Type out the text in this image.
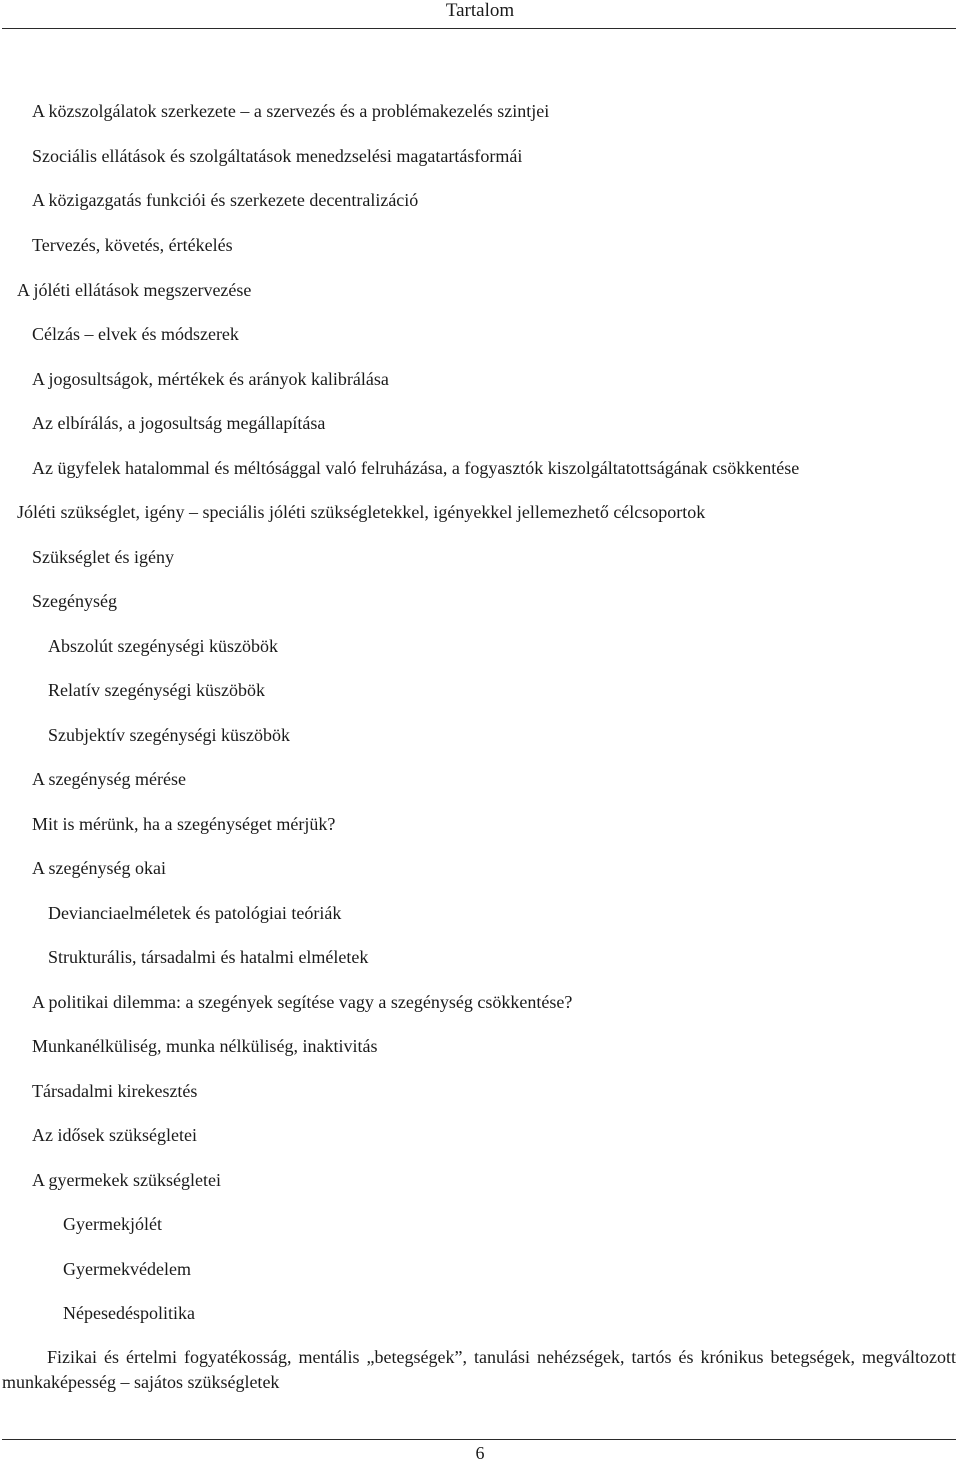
Tartalom
A közszolgálatok szerkezete – a szervezés és a problémakezelés szintjei
Szociális ellátások és szolgáltatások menedzselési magatartásformái
A közigazgatás funkciói és szerkezete decentralizáció
Tervezés, követés, értékelés
A jóléti ellátások megszervezése
Célzás – elvek és módszerek
A jogosultságok, mértékek és arányok kalibrálása
Az elbírálás, a jogosultság megállapítása
Az ügyfelek hatalommal és méltósággal való felruházása, a fogyasztók kiszolgáltatottságának csökkentése
Jóléti szükséglet, igény – speciális jóléti szükségletekkel, igényekkel jellemezhető célcsoportok
Szükséglet és igény
Szegénység
Abszolút szegénységi küszöbök
Relatív szegénységi küszöbök
Szubjektív szegénységi küszöbök
A szegénység mérése
Mit is mérünk, ha a szegénységet mérjük?
A szegénység okai
Devianciaelméletek és patológiai teóriák
Strukturális, társadalmi és hatalmi elméletek
A politikai dilemma: a szegények segítése vagy a szegénység csökkentése?
Munkanélküliség, munka nélküliség, inaktivitás
Társadalmi kirekesztés
Az idősek szükségletei
A gyermekek szükségletei
Gyermekjólét
Gyermekvédelem
Népesedéspolitika
Fizikai és értelmi fogyatékosság, mentális „betegségek”, tanulási nehézségek, tartós és krónikus betegségek, megváltozott munkaképesség – sajátos szükségletek
6
